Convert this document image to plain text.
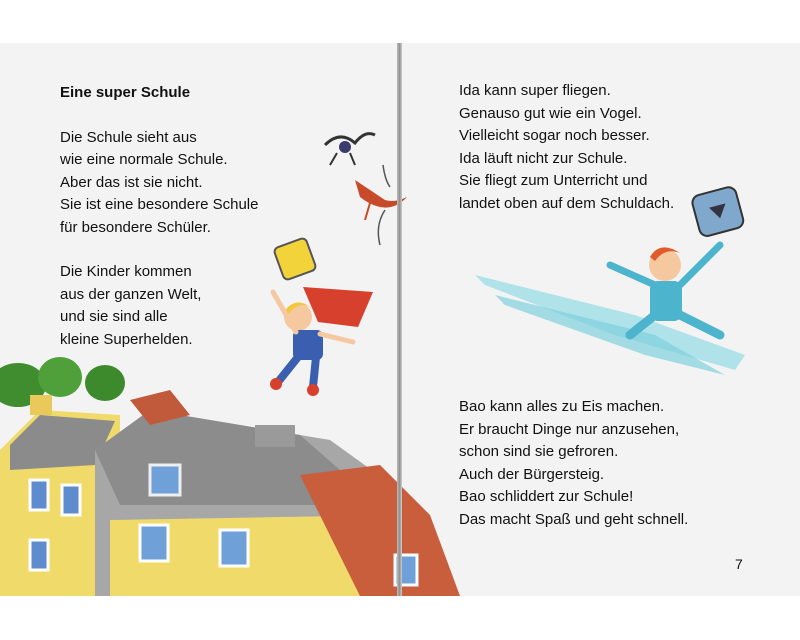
Eine super Schule

Die Schule sieht aus

wie eine normale Schule.

Aber das ist sie nicht.

Sie ist eine besondere Schule

für besondere Schüler.

Die Kinder kommen

aus der ganzen Welt,

und sie sind alle

kleine Superhelden.

Ida kann super fliegen.

Genauso gut wie ein Vogel.

Vielleicht sogar noch besser.

Ida läuft nicht zur Schule.

Sie fliegt zum Unterricht und

landet oben auf dem Schuldach.

Bao kann alles zu Eis machen.

Er braucht Dinge nur anzusehen,

schon sind sie gefroren.

Auch der Bürgersteig.

Bao schliddert zur Schule!

Das macht Spaß und geht schnell.

7
